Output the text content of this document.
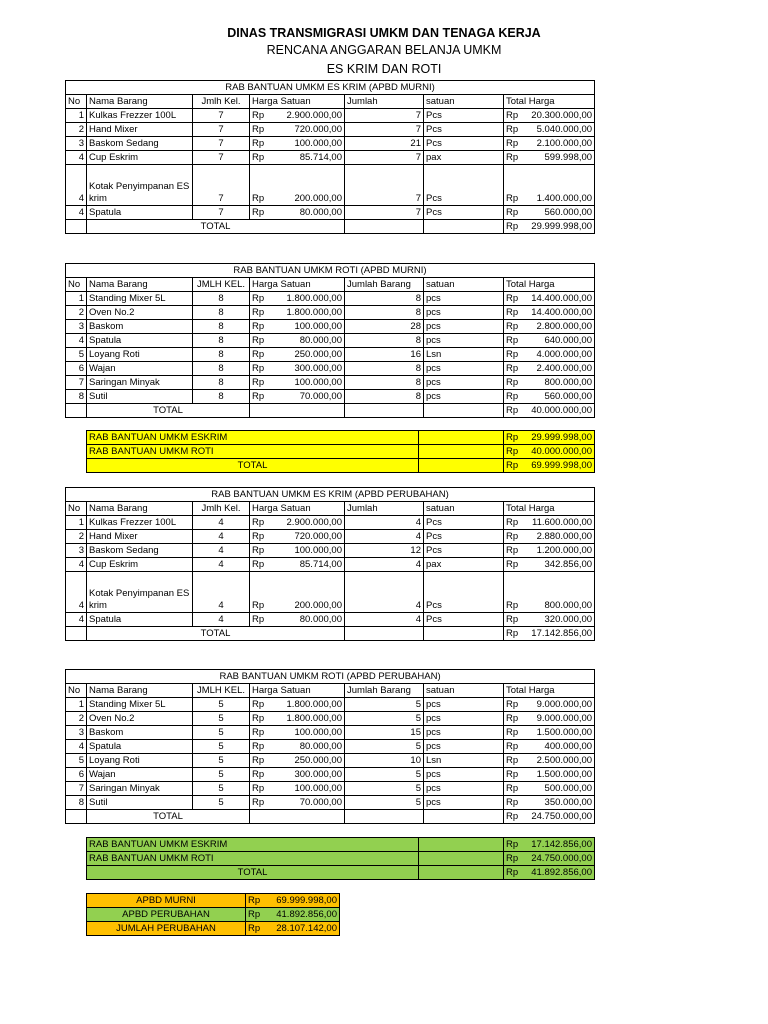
DINAS TRANSMIGRASI UMKM DAN TENAGA KERJA
RENCANA ANGGARAN BELANJA UMKM
ES KRIM DAN ROTI
RAB BANTUAN UMKM ES KRIM (APBD MURNI)						
No	Nama Barang	Jmlh Kel.	Harga Satuan	Jumlah	satuan	Total Harga
1	Kulkas Frezzer 100L	7	Rp 2.900.000,00	7	Pcs	Rp 20.300.000,00

2	Hand Mixer	7	Rp 720.000,00	7	Pcs	Rp 5.040.000,00

3	Baskom Sedang	7	Rp 100.000,00	21	Pcs	Rp 2.100.000,00

4	Cup Eskrim	7	Rp 85.714,00	7	pax	Rp 599.998,00

4	Kotak Penyimpanan ES krim	7	Rp 200.000,00	7	Pcs	Rp 1.400.000,00

4	Spatula	7	Rp 80.000,00	7	Pcs	Rp 560.000,00

	TOTAL					Rp 29.999.998,00
RAB BANTUAN UMKM ROTI (APBD MURNI)						
No	Nama Barang	JMLH KEL.	Harga Satuan	Jumlah Barang	satuan	Total Harga
1	Standing Mixer 5L	8	Rp 1.800.000,00	8	pcs	Rp 14.400.000,00

2	Oven No.2	8	Rp 1.800.000,00	8	pcs	Rp 14.400.000,00

3	Baskom	8	Rp 100.000,00	28	pcs	Rp 2.800.000,00

4	Spatula	8	Rp 80.000,00	8	pcs	Rp 640.000,00

5	Loyang Roti	8	Rp 250.000,00	16	Lsn	Rp 4.000.000,00

6	Wajan	8	Rp 300.000,00	8	pcs	Rp 2.400.000,00

7	Saringan Minyak	8	Rp 100.000,00	8	pcs	Rp 800.000,00

8	Sutil	8	Rp 70.000,00	8	pcs	Rp 560.000,00

	TOTAL					Rp 40.000.000,00
RAB BANTUAN UMKM ESKRIM		Rp 29.999.998,00

RAB BANTUAN UMKM ROTI		Rp 40.000.000,00

TOTAL		Rp 69.999.998,00
RAB BANTUAN UMKM ES KRIM (APBD PERUBAHAN)						
No	Nama Barang	Jmlh Kel.	Harga Satuan	Jumlah	satuan	Total Harga
1	Kulkas Frezzer 100L	4	Rp 2.900.000,00	4	Pcs	Rp 11.600.000,00

2	Hand Mixer	4	Rp 720.000,00	4	Pcs	Rp 2.880.000,00

3	Baskom Sedang	4	Rp 100.000,00	12	Pcs	Rp 1.200.000,00

4	Cup Eskrim	4	Rp 85.714,00	4	pax	Rp 342.856,00

4	Kotak Penyimpanan ES krim	4	Rp 200.000,00	4	Pcs	Rp 800.000,00

4	Spatula	4	Rp 80.000,00	4	Pcs	Rp 320.000,00

	TOTAL					Rp 17.142.856,00
RAB BANTUAN UMKM ROTI (APBD PERUBAHAN)						
No	Nama Barang	JMLH KEL.	Harga Satuan	Jumlah Barang	satuan	Total Harga
1	Standing Mixer 5L	5	Rp 1.800.000,00	5	pcs	Rp 9.000.000,00

2	Oven No.2	5	Rp 1.800.000,00	5	pcs	Rp 9.000.000,00

3	Baskom	5	Rp 100.000,00	15	pcs	Rp 1.500.000,00

4	Spatula	5	Rp 80.000,00	5	pcs	Rp 400.000,00

5	Loyang Roti	5	Rp 250.000,00	10	Lsn	Rp 2.500.000,00

6	Wajan	5	Rp 300.000,00	5	pcs	Rp 1.500.000,00

7	Saringan Minyak	5	Rp 100.000,00	5	pcs	Rp 500.000,00

8	Sutil	5	Rp 70.000,00	5	pcs	Rp 350.000,00

	TOTAL					Rp 24.750.000,00
RAB BANTUAN UMKM ESKRIM		Rp 17.142.856,00

RAB BANTUAN UMKM ROTI		Rp 24.750.000,00

TOTAL		Rp 41.892.856,00
APBD MURNI	Rp 69.999.998,00

APBD PERUBAHAN	Rp 41.892.856,00

JUMLAH PERUBAHAN	Rp 28.107.142,00
